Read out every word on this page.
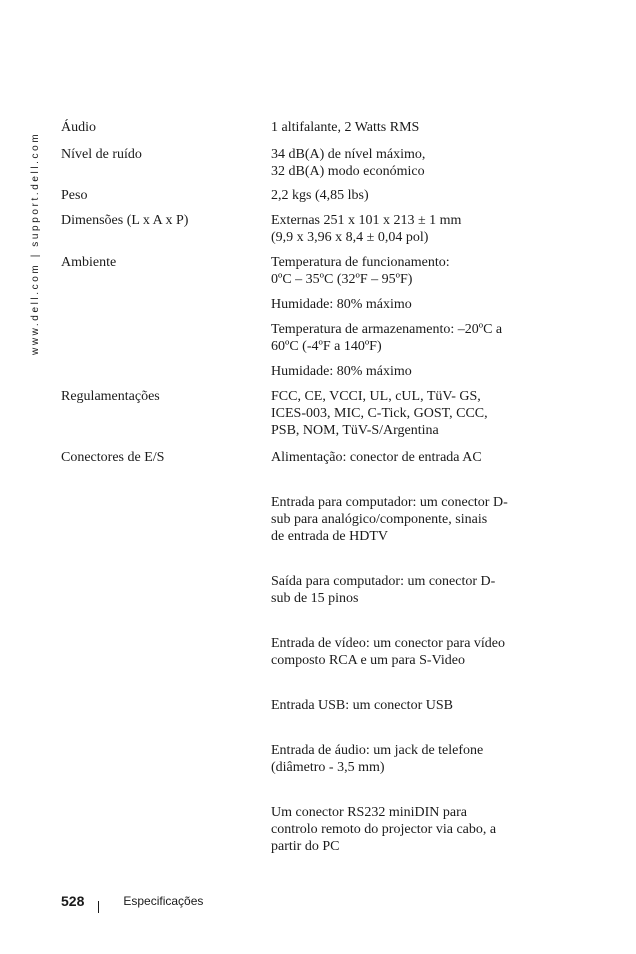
www.dell.com | support.dell.com
Áudio	1 altifalante, 2 Watts RMS
Nível de ruído	34 dB(A) de nível máximo,
32 dB(A) modo económico
Peso	2,2 kgs (4,85 lbs)
Dimensões (L x A x P)	Externas 251 x 101 x 213 ± 1 mm
(9,9 x 3,96 x 8,4 ± 0,04 pol)
Ambiente	Temperatura de funcionamento:
0ºC – 35ºC (32ºF – 95ºF)
Humidade: 80% máximo
Temperatura de armazenamento: –20ºC a
60ºC (-4ºF a 140ºF)
Humidade: 80% máximo
Regulamentações	FCC, CE, VCCI, UL, cUL, TüV- GS,
ICES-003, MIC, C-Tick, GOST, CCC,
PSB, NOM, TüV-S/Argentina
Conectores de E/S	Alimentação: conector de entrada AC
Entrada para computador: um conector D-
sub para analógico/componente, sinais
de entrada de HDTV
Saída para computador: um conector D-
sub de 15 pinos
Entrada de vídeo: um conector para vídeo
composto RCA e um para S-Video
Entrada USB: um conector USB
Entrada de áudio: um jack de telefone
(diâmetro - 3,5 mm)
Um conector RS232 miniDIN para
controlo remoto do projector via cabo, a
partir do PC
528	Especificações
